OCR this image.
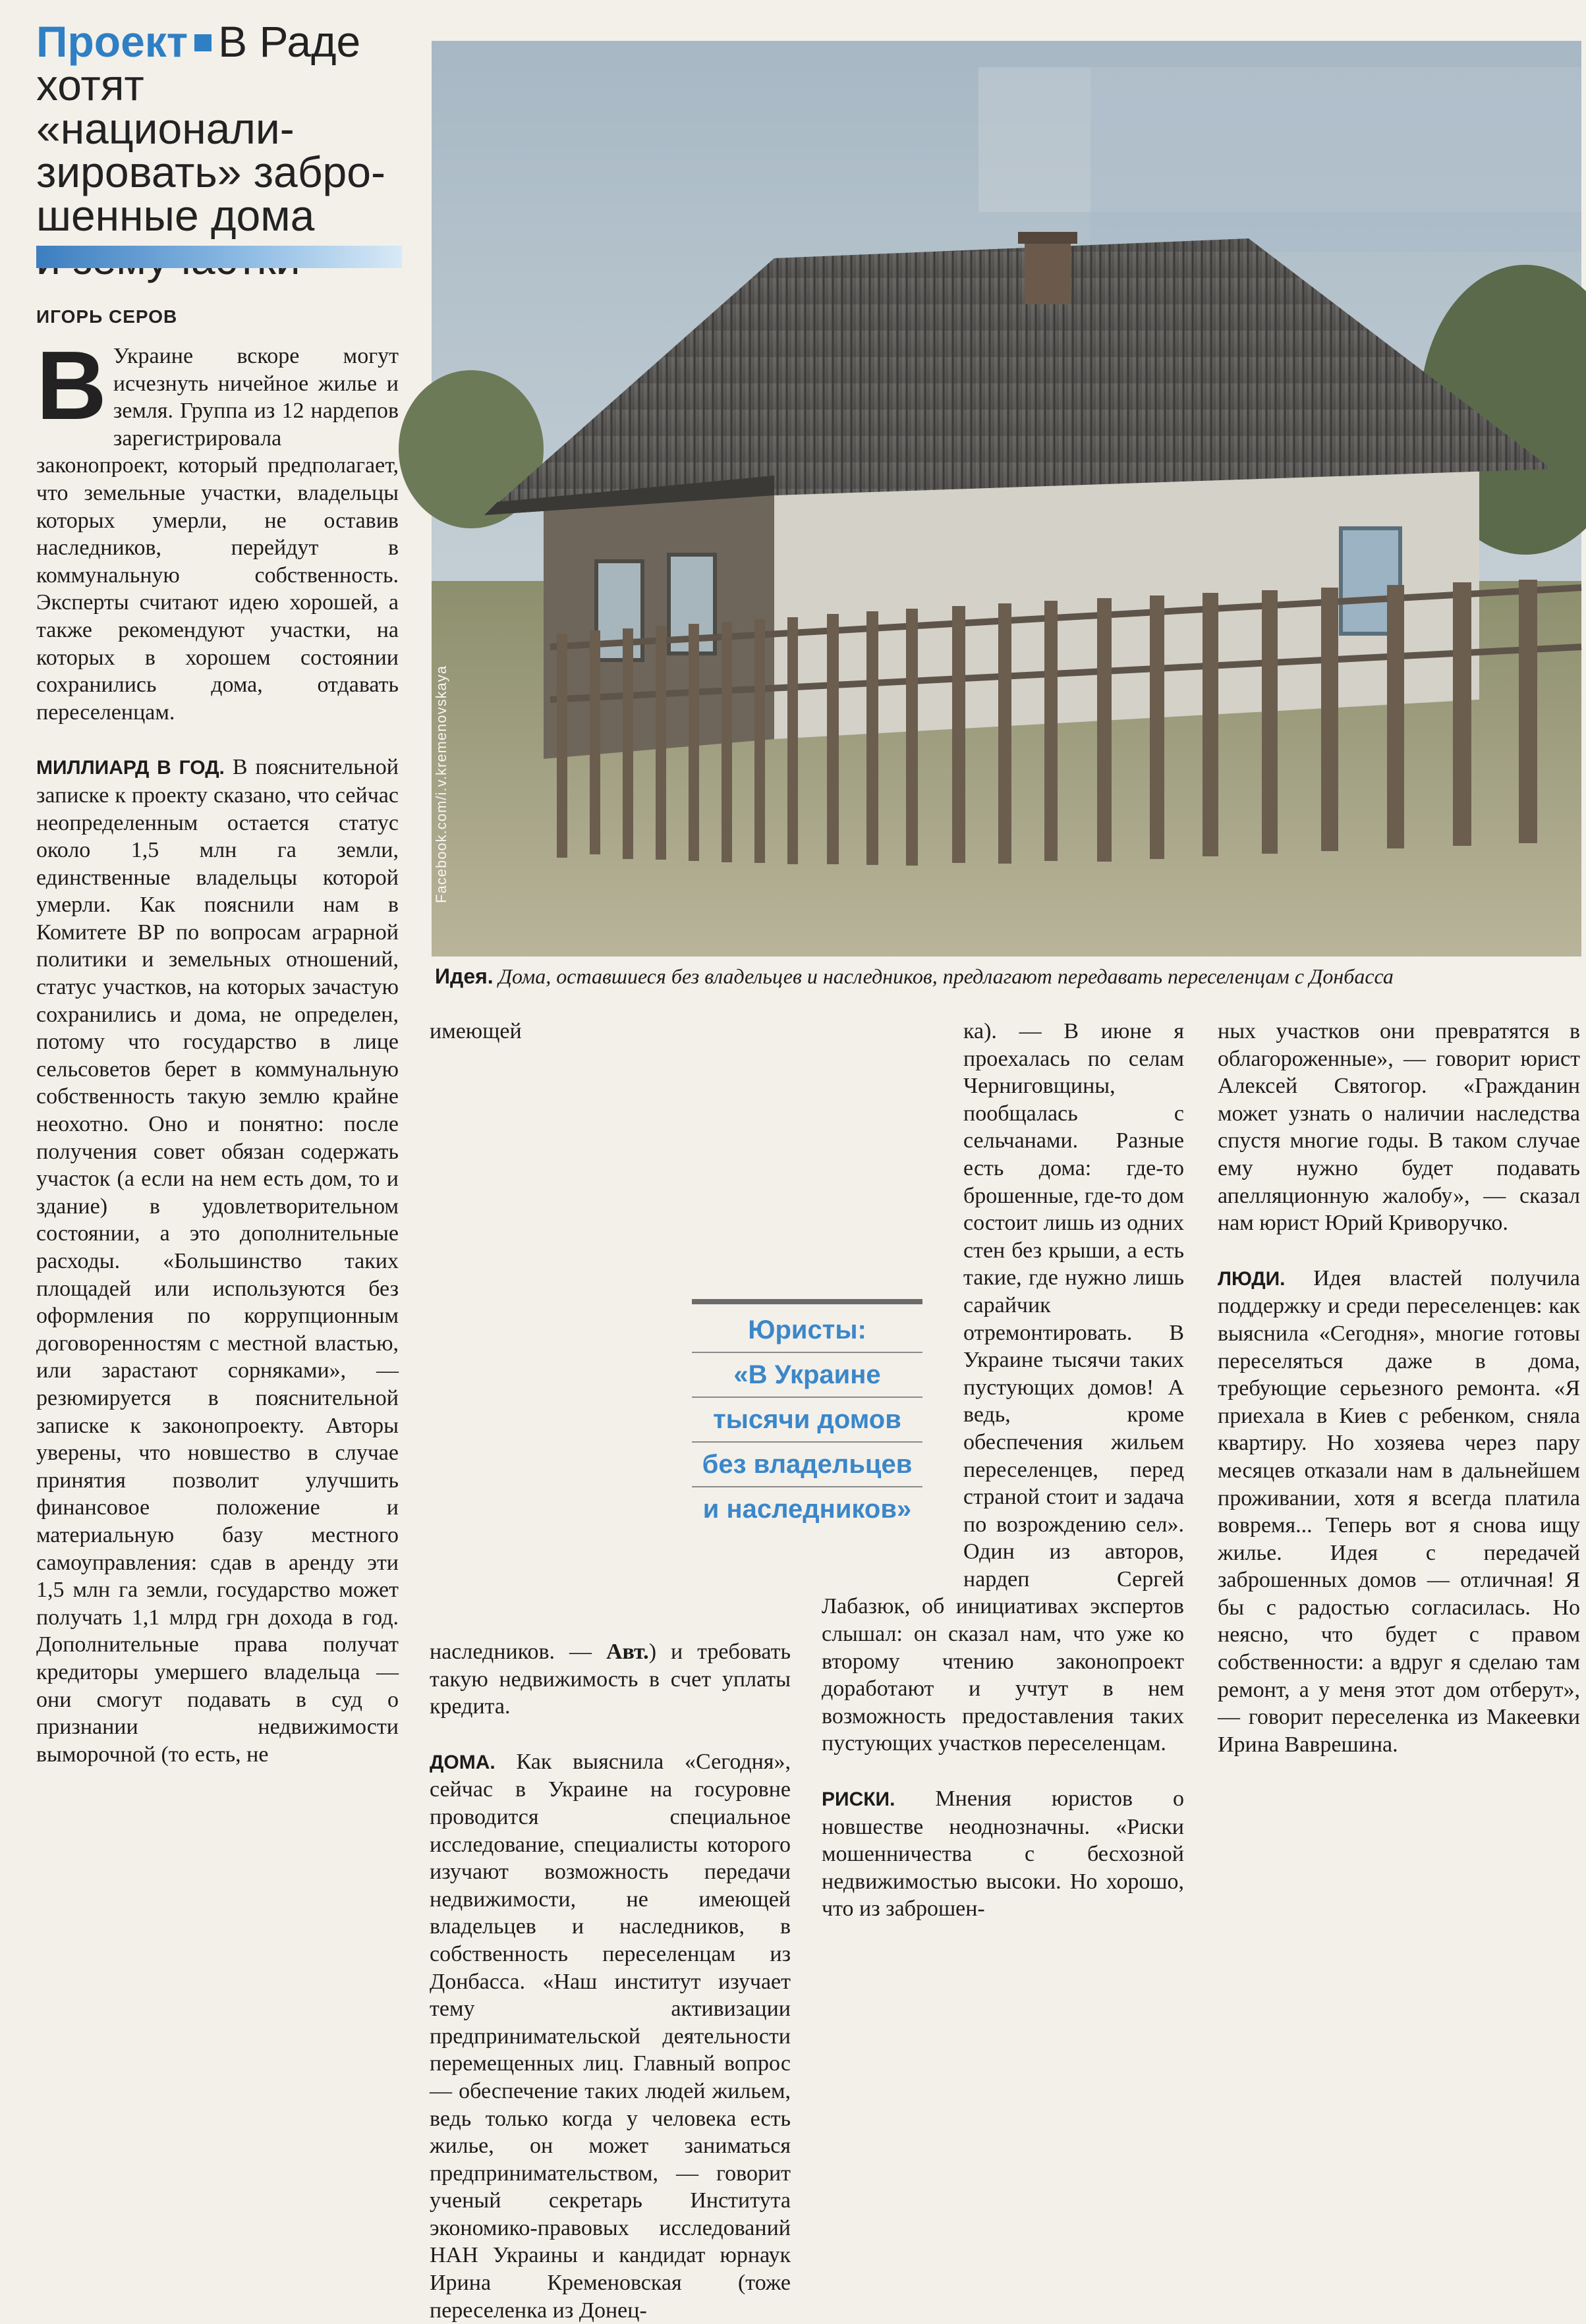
Проект В Раде
хотят «национали-
зировать» забро-
шенные дома

ИГОРЬ СЕРОВ

В Украине вскоре могут исчезнуть ничейное жилье и земля. Группа из 12 нардепов зарегистрировала законопроект, который предполагает, что земельные участки, владельцы которых умерли, не оставив наследников, перейдут в коммунальную собственность. Эксперты считают идею хорошей, а также рекомендуют участки, на которых в хорошем состоянии сохранились дома, отдавать переселенцам.

МИЛЛИАРД В ГОД. В пояснительной записке к проекту сказано, что сейчас неопределенным остается статус около 1,5 млн га земли, единственные владельцы которой умерли. Как пояснили нам в Комитете ВР по вопросам аграрной политики и земельных отношений, статус участков, на которых зачастую сохранились и дома, не определен, потому что государство в лице сельсоветов берет в коммунальную собственность такую землю крайне неохотно. Оно и понятно: после получения совет обязан содержать участок (а если на нем есть дом, то и здание) в удовлетворительном состоянии, а это дополнительные расходы. «Большинство таких площадей или используются без оформления по коррупционным договоренностям с местной властью, или зарастают сорняками», — резюмируется в пояснительной записке к законопроекту. Авторы уверены, что новшество в случае принятия позволит улучшить финансовое положение и материальную базу местного самоуправления: сдав в аренду эти 1,5 млн га земли, государство может получать 1,1 млрд грн дохода в год. Дополнительные права получат кредиторы умершего владельца — они смогут подавать в суд о признании недвижимости выморочной (то есть, не

Facebook.com/i.v.kremenovskaya
Идея. Дома, оставшиеся без владельцев и наследников, предлагают передавать переселенцам с Донбасса

имеющей наследников. — Авт.) и требовать такую недвижимость в счет уплаты кредита.

ДОМА. Как выяснила «Сегодня», сейчас в Украине на госуровне проводится специальное исследование, специалисты которого изучают возможность передачи недвижимости, не имеющей владельцев и наследников, в собственность переселенцам из Донбасса. «Наш институт изучает тему активизации предпринимательской деятельности перемещенных лиц. Главный вопрос — обеспечение таких людей жильем, ведь только когда у человека есть жилье, он может заниматься предпринимательством, — говорит ученый секретарь Института экономико-правовых исследований НАН Украины и кандидат юрнаук Ирина Кременовская (тоже переселенка из Донец-

ка). — В июне я проехалась по селам Черниговщины, пообщалась с сельчанами. Разные есть дома: где-то брошенные, где-то дом состоит лишь из одних стен без крыши, а есть такие, где нужно лишь сарайчик отремонтировать. В Украине тысячи таких пустующих домов! А ведь, кроме обеспечения жильем переселенцев, перед страной стоит и задача по возрождению сел». Один из авторов, нардеп Сергей Лабазюк, об инициативах экспертов слышал: он сказал нам, что уже ко второму чтению законопроект доработают и учтут в нем возможность предоставления таких пустующих участков переселенцам.

РИСКИ. Мнения юристов о новшестве неоднозначны. «Риски мошенничества с бесхозной недвижимостью высоки. Но хорошо, что из заброшен-

ных участков они превратятся в облагороженные», — говорит юрист Алексей Святогор. «Гражданин может узнать о наличии наследства спустя многие годы. В таком случае ему нужно будет подавать апелляционную жалобу», — сказал нам юрист Юрий Криворучко.

ЛЮДИ. Идея властей получила поддержку и среди переселенцев: как выяснила «Сегодня», многие готовы переселяться даже в дома, требующие серьезного ремонта. «Я приехала в Киев с ребенком, сняла квартиру. Но хозяева через пару месяцев отказали нам в дальнейшем проживании, хотя я всегда платила вовремя... Теперь вот я снова ищу жилье. Идея с передачей заброшенных домов — отличная! Я бы с радостью согласилась. Но неясно, что будет с правом собственности: а вдруг я сделаю там ремонт, а у меня этот дом отберут», — говорит переселенка из Макеевки Ирина Ваврешина.

Юристы:
«В Украине
тысячи домов
без владельцев
и наследников»
